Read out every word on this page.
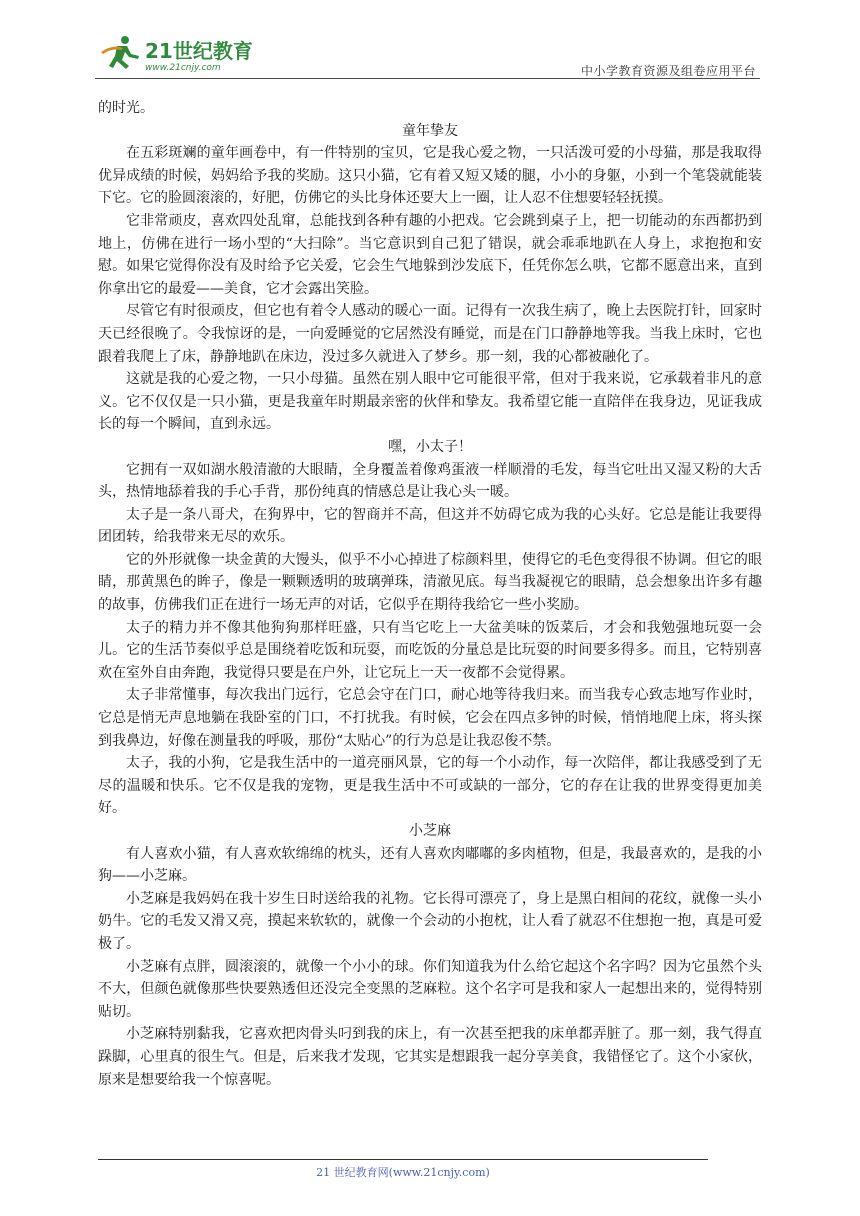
21世纪教育
www.21cnjy.com	中小学教育资源及组卷应用平台

的时光。

童年挚友

在五彩斑斓的童年画卷中，有一件特别的宝贝，它是我心爱之物，一只活泼可爱的小母猫，那是我取得优异成绩的时候，妈妈给予我的奖励。这只小猫，它有着又短又矮的腿，小小的身躯，小到一个笔袋就能装下它。它的脸圆滚滚的，好肥，仿佛它的头比身体还要大上一圈，让人忍不住想要轻轻抚摸。

它非常顽皮，喜欢四处乱窜，总能找到各种有趣的小把戏。它会跳到桌子上，把一切能动的东西都扔到地上，仿佛在进行一场小型的“大扫除”。当它意识到自己犯了错误，就会乖乖地趴在人身上，求抱抱和安慰。如果它觉得你没有及时给予它关爱，它会生气地躲到沙发底下，任凭你怎么哄，它都不愿意出来，直到你拿出它的最爱——美食，它才会露出笑脸。

尽管它有时很顽皮，但它也有着令人感动的暖心一面。记得有一次我生病了，晚上去医院打针，回家时天已经很晚了。令我惊讶的是，一向爱睡觉的它居然没有睡觉，而是在门口静静地等我。当我上床时，它也跟着我爬上了床，静静地趴在床边，没过多久就进入了梦乡。那一刻，我的心都被融化了。

这就是我的心爱之物，一只小母猫。虽然在别人眼中它可能很平常，但对于我来说，它承载着非凡的意义。它不仅仅是一只小猫，更是我童年时期最亲密的伙伴和挚友。我希望它能一直陪伴在我身边，见证我成长的每一个瞬间，直到永远。

嘿，小太子！

它拥有一双如湖水般清澈的大眼睛，全身覆盖着像鸡蛋液一样顺滑的毛发，每当它吐出又湿又粉的大舌头，热情地舔着我的手心手背，那份纯真的情感总是让我心头一暖。

太子是一条八哥犬，在狗界中，它的智商并不高，但这并不妨碍它成为我的心头好。它总是能让我要得团团转，给我带来无尽的欢乐。

它的外形就像一块金黄的大馒头，似乎不小心掉进了棕颜料里，使得它的毛色变得很不协调。但它的眼睛，那黄黑色的眸子，像是一颗颗透明的玻璃弹珠，清澈见底。每当我凝视它的眼睛，总会想象出许多有趣的故事，仿佛我们正在进行一场无声的对话，它似乎在期待我给它一些小奖励。

太子的精力并不像其他狗狗那样旺盛，只有当它吃上一大盆美味的饭菜后，才会和我勉强地玩耍一会儿。它的生活节奏似乎总是围绕着吃饭和玩耍，而吃饭的分量总是比玩耍的时间要多得多。而且，它特别喜欢在室外自由奔跑，我觉得只要是在户外，让它玩上一天一夜都不会觉得累。

太子非常懂事，每次我出门远行，它总会守在门口，耐心地等待我归来。而当我专心致志地写作业时，它总是悄无声息地躺在我卧室的门口，不打扰我。有时候，它会在四点多钟的时候，悄悄地爬上床，将头探到我鼻边，好像在测量我的呼吸，那份“太贴心”的行为总是让我忍俊不禁。

太子，我的小狗，它是我生活中的一道亮丽风景，它的每一个小动作，每一次陪伴，都让我感受到了无尽的温暖和快乐。它不仅是我的宠物，更是我生活中不可或缺的一部分，它的存在让我的世界变得更加美好。

小芝麻

有人喜欢小猫，有人喜欢软绵绵的枕头，还有人喜欢肉嘟嘟的多肉植物，但是，我最喜欢的，是我的小狗——小芝麻。

小芝麻是我妈妈在我十岁生日时送给我的礼物。它长得可漂亮了，身上是黑白相间的花纹，就像一头小奶牛。它的毛发又滑又亮，摸起来软软的，就像一个会动的小抱枕，让人看了就忍不住想抱一抱，真是可爱极了。

小芝麻有点胖，圆滚滚的，就像一个小小的球。你们知道我为什么给它起这个名字吗？因为它虽然个头不大，但颜色就像那些快要熟透但还没完全变黑的芝麻粒。这个名字可是我和家人一起想出来的，觉得特别贴切。

小芝麻特别黏我，它喜欢把肉骨头叼到我的床上，有一次甚至把我的床单都弄脏了。那一刻，我气得直跺脚，心里真的很生气。但是，后来我才发现，它其实是想跟我一起分享美食，我错怪它了。这个小家伙，原来是想要给我一个惊喜呢。

21 世纪教育网(www.21cnjy.com)
